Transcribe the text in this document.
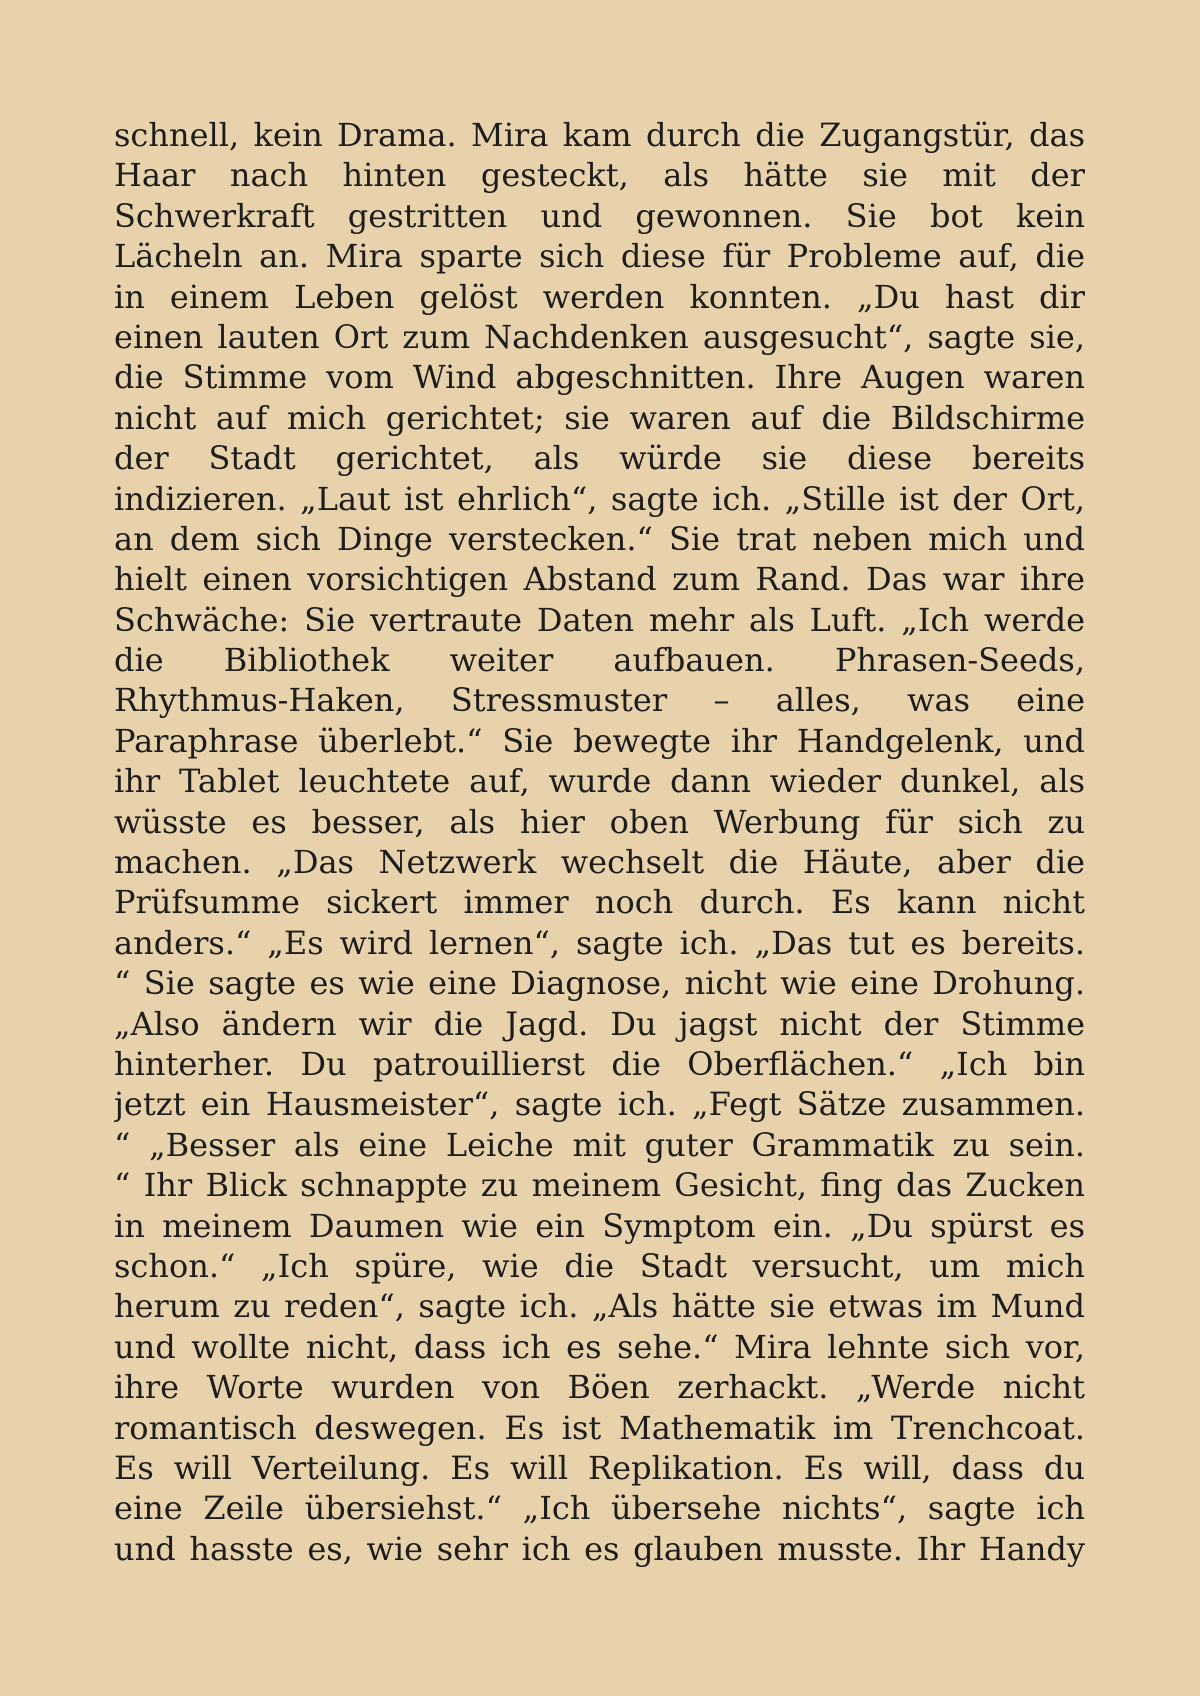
schnell, kein Drama. Mira kam durch die Zugangstür, das
Haar nach hinten gesteckt, als hätte sie mit der
Schwerkraft gestritten und gewonnen. Sie bot kein
Lächeln an. Mira sparte sich diese für Probleme auf, die
in einem Leben gelöst werden konnten. „Du hast dir
einen lauten Ort zum Nachdenken ausgesucht“, sagte sie,
die Stimme vom Wind abgeschnitten. Ihre Augen waren
nicht auf mich gerichtet; sie waren auf die Bildschirme
der Stadt gerichtet, als würde sie diese bereits
indizieren. „Laut ist ehrlich“, sagte ich. „Stille ist der Ort,
an dem sich Dinge verstecken.“ Sie trat neben mich und
hielt einen vorsichtigen Abstand zum Rand. Das war ihre
Schwäche: Sie vertraute Daten mehr als Luft. „Ich werde
die Bibliothek weiter aufbauen. Phrasen-Seeds,
Rhythmus-Haken, Stressmuster – alles, was eine
Paraphrase überlebt.“ Sie bewegte ihr Handgelenk, und
ihr Tablet leuchtete auf, wurde dann wieder dunkel, als
wüsste es besser, als hier oben Werbung für sich zu
machen. „Das Netzwerk wechselt die Häute, aber die
Prüfsumme sickert immer noch durch. Es kann nicht
anders.“ „Es wird lernen“, sagte ich. „Das tut es bereits.
“ Sie sagte es wie eine Diagnose, nicht wie eine Drohung.
„Also ändern wir die Jagd. Du jagst nicht der Stimme
hinterher. Du patrouillierst die Oberflächen.“ „Ich bin
jetzt ein Hausmeister“, sagte ich. „Fegt Sätze zusammen.
“ „Besser als eine Leiche mit guter Grammatik zu sein.
“ Ihr Blick schnappte zu meinem Gesicht, fing das Zucken
in meinem Daumen wie ein Symptom ein. „Du spürst es
schon.“ „Ich spüre, wie die Stadt versucht, um mich
herum zu reden“, sagte ich. „Als hätte sie etwas im Mund
und wollte nicht, dass ich es sehe.“ Mira lehnte sich vor,
ihre Worte wurden von Böen zerhackt. „Werde nicht
romantisch deswegen. Es ist Mathematik im Trenchcoat.
Es will Verteilung. Es will Replikation. Es will, dass du
eine Zeile übersiehst.“ „Ich übersehe nichts“, sagte ich
und hasste es, wie sehr ich es glauben musste. Ihr Handy
